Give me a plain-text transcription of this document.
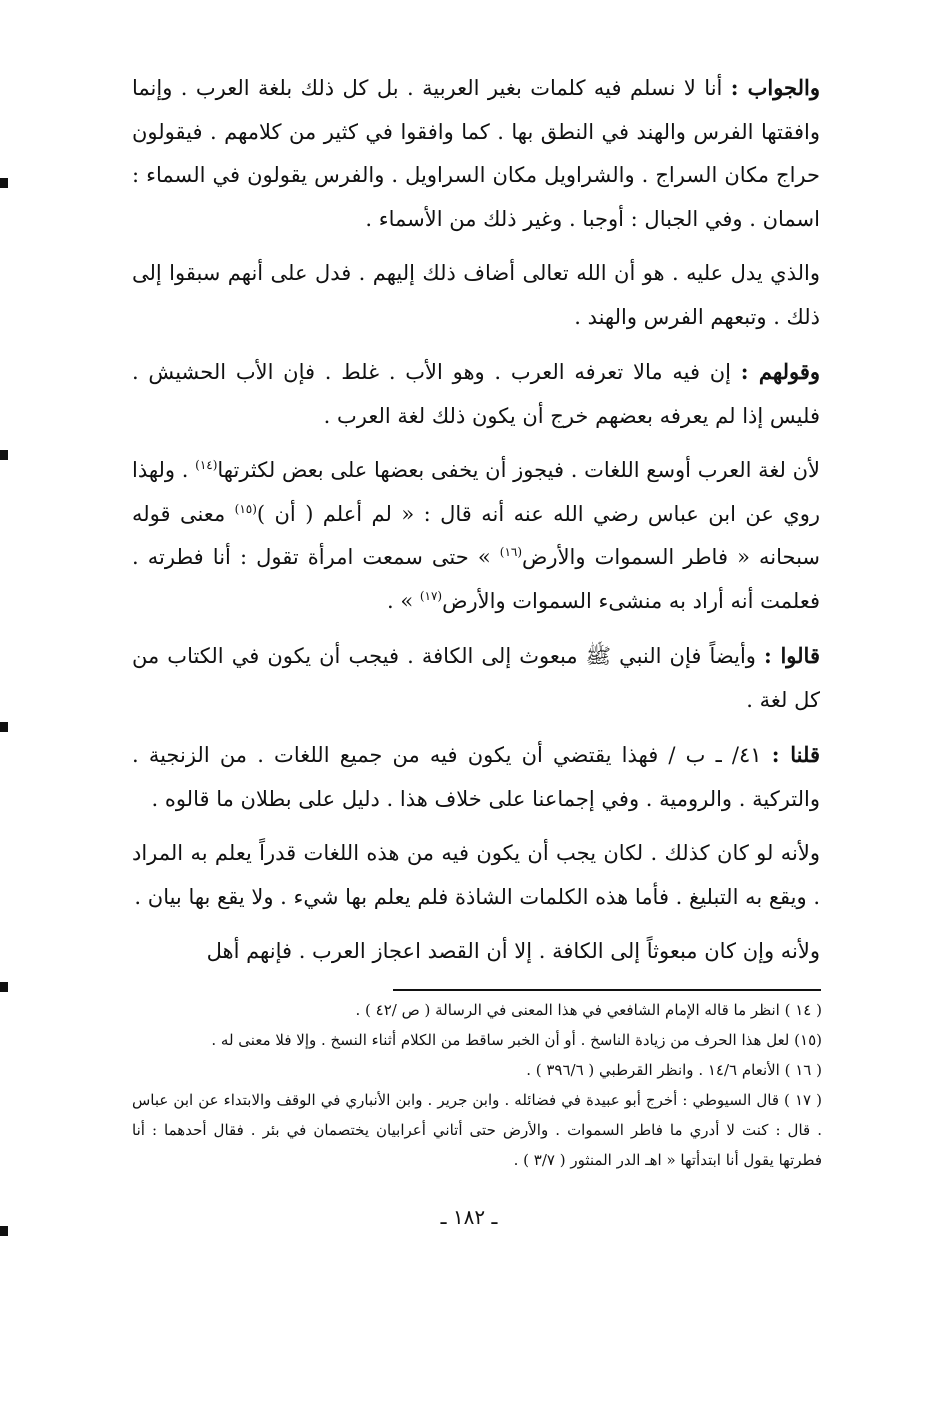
والجواب : أنا لا نسلم فيه كلمات بغير العربية . بل كل ذلك بلغة العرب . وإنما وافقتها الفرس والهند في النطق بها . كما وافقوا في كثير من كلامهم . فيقولون حراج مكان السراج . والشراويل مكان السراويل . والفرس يقولون في السماء : اسمان . وفي الجبال : أوجبا . وغير ذلك من الأسماء .

والذي يدل عليه . هو أن الله تعالى أضاف ذلك إليهم . فدل على أنهم سبقوا إلى ذلك . وتبعهم الفرس والهند .

وقولهم : إن فيه مالا تعرفه العرب . وهو الأب . غلط . فإن الأب الحشيش . فليس إذا لم يعرفه بعضهم خرج أن يكون ذلك لغة العرب .

لأن لغة العرب أوسع اللغات . فيجوز أن يخفى بعضها على بعض لكثرتها$^{(١٤)}$ . ولهذا روي عن ابن عباس رضي الله عنه أنه قال : « لم أعلم ( أن )$^{(١٥)}$ معنى قوله سبحانه « فاطر السموات والأرض$^{(١٦)}$ » حتى سمعت امرأة تقول : أنا فطرته . فعلمت أنه أراد به منشىء السموات والأرض$^{(١٧)}$ » .

قالوا : وأيضاً فإن النبي ﷺ مبعوث إلى الكافة . فيجب أن يكون في الكتاب من كل لغة .

قلنا : ٤١/ ـ ب / فهذا يقتضي أن يكون فيه من جميع اللغات . من الزنجية . والتركية . والرومية . وفي إجماعنا على خلاف هذا . دليل على بطلان ما قالوه .

ولأنه لو كان كذلك . لكان يجب أن يكون فيه من هذه اللغات قدراً يعلم به المراد . ويقع به التبليغ . فأما هذه الكلمات الشاذة فلم يعلم بها شيء . ولا يقع بها بيان .

ولأنه وإن كان مبعوثاً إلى الكافة . إلا أن القصد اعجاز العرب . فإنهم أهل

( ١٤ ) انظر ما قاله الإمام الشافعي في هذا المعنى في الرسالة ( ص /٤٢ ) .

(١٥) لعل هذا الحرف من زيادة الناسخ . أو أن الخبر ساقط من الكلام أثناء النسخ . وإلا فلا معنى له .

( ١٦ ) الأنعام ١٤/٦ . وانظر القرطبي ( ٣٩٦/٦ ) .

( ١٧ ) قال السيوطي : أخرج أبو عبيدة في فضائله . وابن جرير . وابن الأنباري في الوقف والابتداء عن ابن عباس . قال : كنت لا أدري ما فاطر السموات . والأرض حتى أتاني أعرابيان يختصمان في بئر . فقال أحدهما : أنا فطرتها يقول أنا ابتدأتها « اهـ الدر المنثور ( ٣/٧ ) .

ـ ١٨٢ ـ
